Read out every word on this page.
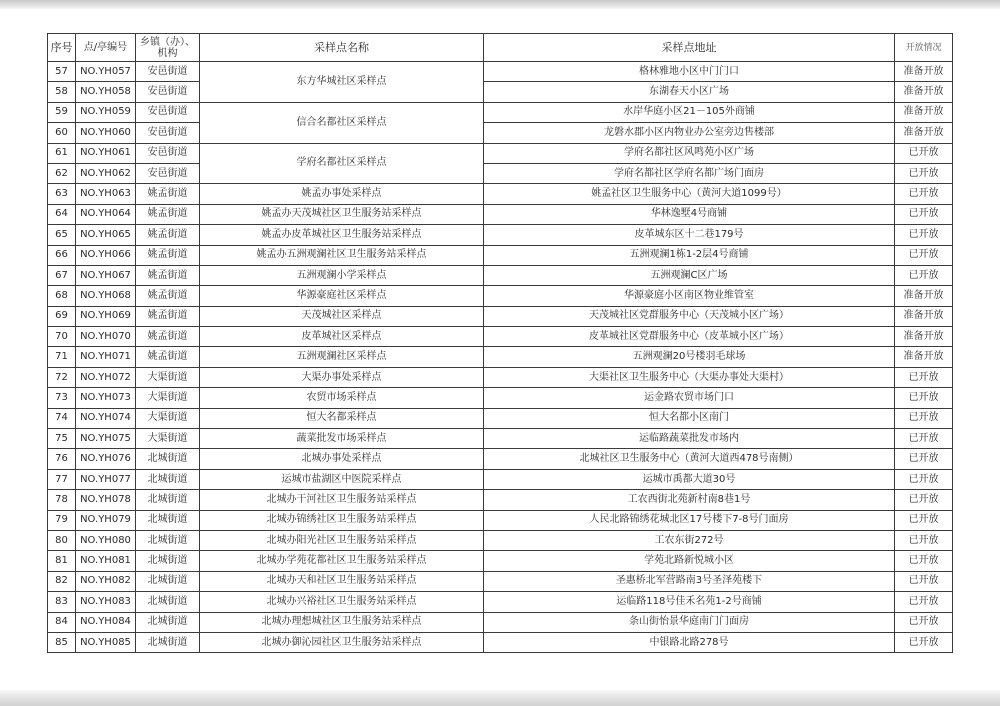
序号	点/亭编号	乡镇（办）、机构	采样点名称	采样点地址	开放情况
57	NO.YH057	安邑街道	东方华城社区采样点	格林雅地小区中门门口	准备开放
58	NO.YH058	安邑街道		东湖春天小区广场	准备开放
59	NO.YH059	安邑街道	信合名都社区采样点	水岸华庭小区21－105外商铺	准备开放
60	NO.YH060	安邑街道		龙磐水郡小区内物业办公室旁边售楼部	准备开放
61	NO.YH061	安邑街道	学府名都社区采样点	学府名都社区风鸣苑小区广场	已开放
62	NO.YH062	安邑街道		学府名都社区学府名都广场门面房	已开放
63	NO.YH063	姚孟街道	姚孟办事处采样点	姚孟社区卫生服务中心（黄河大道1099号）	已开放
64	NO.YH064	姚孟街道	姚孟办天茂城社区卫生服务站采样点	华林逸墅4号商铺	已开放
65	NO.YH065	姚孟街道	姚孟办皮革城社区卫生服务站采样点	皮革城东区十二巷179号	已开放
66	NO.YH066	姚孟街道	姚孟办五洲观澜社区卫生服务站采样点	五洲观澜1栋1-2层4号商铺	已开放
67	NO.YH067	姚孟街道	五洲观澜小学采样点	五洲观澜C区广场	已开放
68	NO.YH068	姚孟街道	华源豪庭社区采样点	华源豪庭小区南区物业维管室	准备开放
69	NO.YH069	姚孟街道	天茂城社区采样点	天茂城社区党群服务中心（天茂城小区广场）	准备开放
70	NO.YH070	姚孟街道	皮革城社区采样点	皮革城社区党群服务中心（皮革城小区广场）	准备开放
71	NO.YH071	姚孟街道	五洲观澜社区采样点	五洲观澜20号楼羽毛球场	准备开放
72	NO.YH072	大渠街道	大渠办事处采样点	大渠社区卫生服务中心（大渠办事处大渠村）	已开放
73	NO.YH073	大渠街道	农贸市场采样点	运金路农贸市场门口	已开放
74	NO.YH074	大渠街道	恒大名都采样点	恒大名都小区南门	已开放
75	NO.YH075	大渠街道	蔬菜批发市场采样点	运临路蔬菜批发市场内	已开放
76	NO.YH076	北城街道	北城办事处采样点	北城社区卫生服务中心（黄河大道西478号南侧）	已开放
77	NO.YH077	北城街道	运城市盐湖区中医院采样点	运城市禹都大道30号	已开放
78	NO.YH078	北城街道	北城办干河社区卫生服务站采样点	工农西街北苑新村南8巷1号	已开放
79	NO.YH079	北城街道	北城办锦绣社区卫生服务站采样点	人民北路锦绣花城北区17号楼下7-8号门面房	已开放
80	NO.YH080	北城街道	北城办阳光社区卫生服务站采样点	工农东街272号	已开放
81	NO.YH081	北城街道	北城办学苑花都社区卫生服务站采样点	学苑北路新悦城小区	已开放
82	NO.YH082	北城街道	北城办天和社区卫生服务站采样点	圣惠桥北军营路南3号圣泽苑楼下	已开放
83	NO.YH083	北城街道	北城办兴裕社区卫生服务站采样点	运临路118号佳禾名苑1-2号商铺	已开放
84	NO.YH084	北城街道	北城办理想城社区卫生服务站采样点	条山街怡景华庭南门门面房	已开放
85	NO.YH085	北城街道	北城办御沁园社区卫生服务站采样点	中银路北路278号	已开放
